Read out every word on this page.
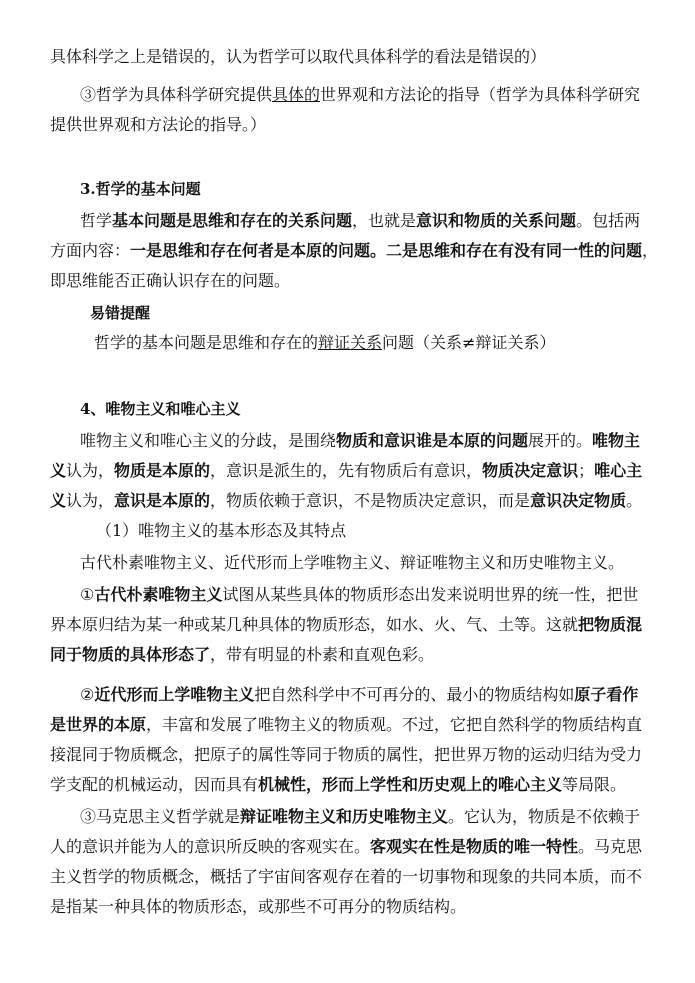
具体科学之上是错误的，认为哲学可以取代具体科学的看法是错误的）
③哲学为具体科学研究提供具体的世界观和方法论的指导（哲学为具体科学研究
提供世界观和方法论的指导。）
3.哲学的基本问题
哲学基本问题是思维和存在的关系问题，也就是意识和物质的关系问题。包括两
方面内容：一是思维和存在何者是本原的问题。二是思维和存在有没有同一性的问题，
即思维能否正确认识存在的问题。
易错提醒
哲学的基本问题是思维和存在的辩证关系问题（关系≠辩证关系）
4、唯物主义和唯心主义
唯物主义和唯心主义的分歧，是围绕物质和意识谁是本原的问题展开的。唯物主
义认为，物质是本原的，意识是派生的，先有物质后有意识，物质决定意识；唯心主
义认为，意识是本原的，物质依赖于意识，不是物质决定意识，而是意识决定物质。
（1）唯物主义的基本形态及其特点
古代朴素唯物主义、近代形而上学唯物主义、辩证唯物主义和历史唯物主义。
①古代朴素唯物主义试图从某些具体的物质形态出发来说明世界的统一性，把世
界本原归结为某一种或某几种具体的物质形态，如水、火、气、土等。这就把物质混
同于物质的具体形态了，带有明显的朴素和直观色彩。
②近代形而上学唯物主义把自然科学中不可再分的、最小的物质结构如原子看作
是世界的本原，丰富和发展了唯物主义的物质观。不过，它把自然科学的物质结构直
接混同于物质概念，把原子的属性等同于物质的属性，把世界万物的运动归结为受力
学支配的机械运动，因而具有机械性，形而上学性和历史观上的唯心主义等局限。
③马克思主义哲学就是辩证唯物主义和历史唯物主义。它认为，物质是不依赖于
人的意识并能为人的意识所反映的客观实在。客观实在性是物质的唯一特性。马克思
主义哲学的物质概念，概括了宇宙间客观存在着的一切事物和现象的共同本质，而不
是指某一种具体的物质形态，或那些不可再分的物质结构。
